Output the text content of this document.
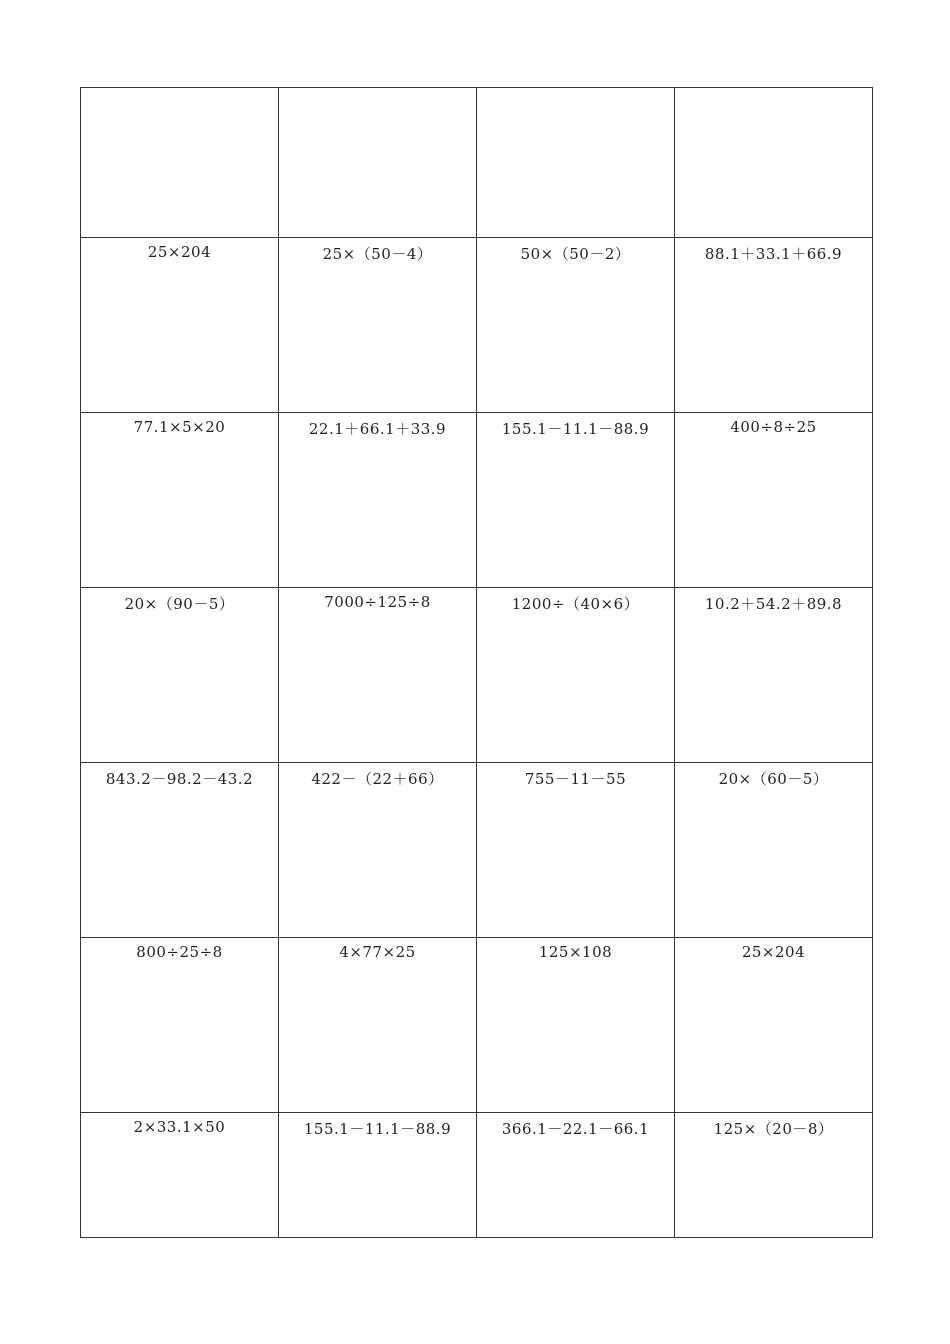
25×204	25×（50－4）	50×（50－2）	88.1＋33.1＋66.9

77.1×5×20	22.1＋66.1＋33.9	155.1－11.1－88.9	400÷8÷25

20×（90－5）	7000÷125÷8	1200÷（40×6）	10.2＋54.2＋89.8

843.2－98.2－43.2	422－（22＋66）	755－11－55	20×（60－5）

800÷25÷8	4×77×25	125×108	25×204

2×33.1×50	155.1－11.1－88.9	366.1－22.1－66.1	125×（20－8）
